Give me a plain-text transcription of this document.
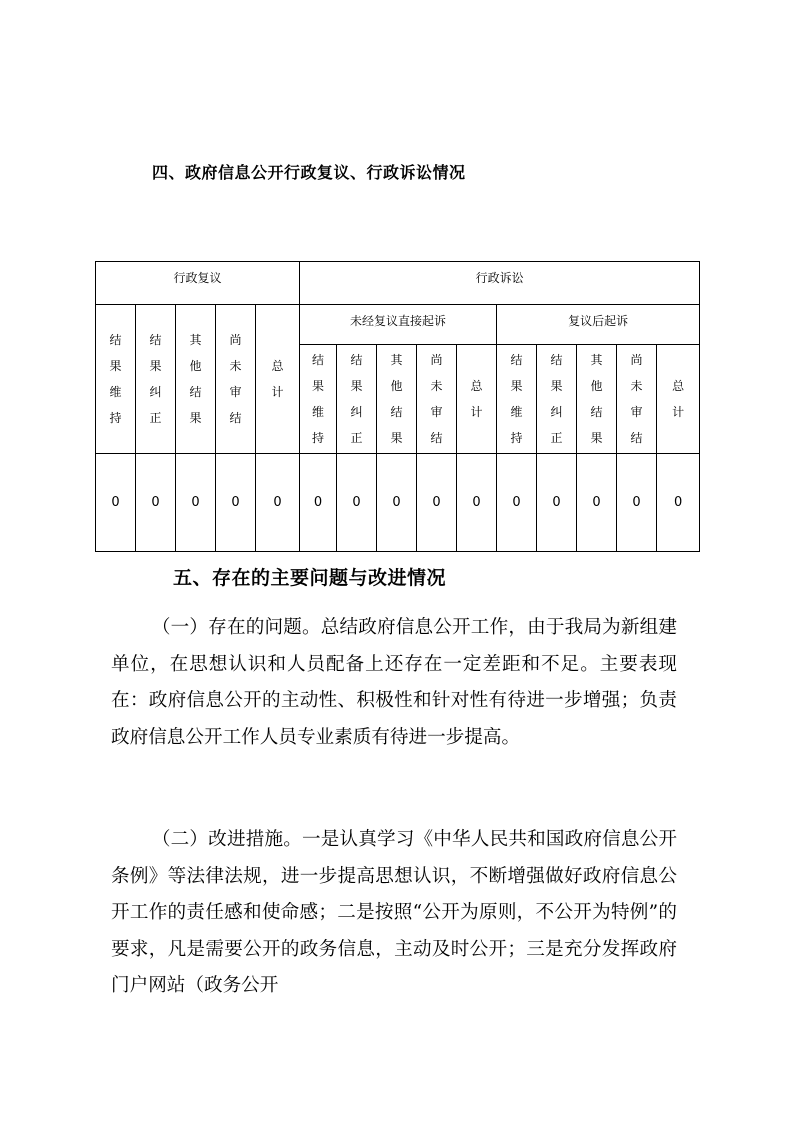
四、政府信息公开行政复议、行政诉讼情况
行政复议					行政诉讼									
结果维持	结果纠正	其他结果	尚未审结	总计	未经复议直接起诉					复议后起诉				
					结果维持	结果纠正	其他结果	尚未审结	总计	结果维持	结果纠正	其他结果	尚未审结	总计
0	0	0	0	0	0	0	0	0	0	0	0	0	0	0
五、存在的主要问题与改进情况

（一）存在的问题。总结政府信息公开工作，由于我局为新组建单位，在思想认识和人员配备上还存在一定差距和不足。主要表现在：政府信息公开的主动性、积极性和针对性有待进一步增强；负责政府信息公开工作人员专业素质有待进一步提高。

（二）改进措施。一是认真学习《中华人民共和国政府信息公开条例》等法律法规，进一步提高思想认识，不断增强做好政府信息公开工作的责任感和使命感；二是按照“公开为原则，不公开为特例”的要求，凡是需要公开的政务信息，主动及时公开；三是充分发挥政府门户网站（政务公开
